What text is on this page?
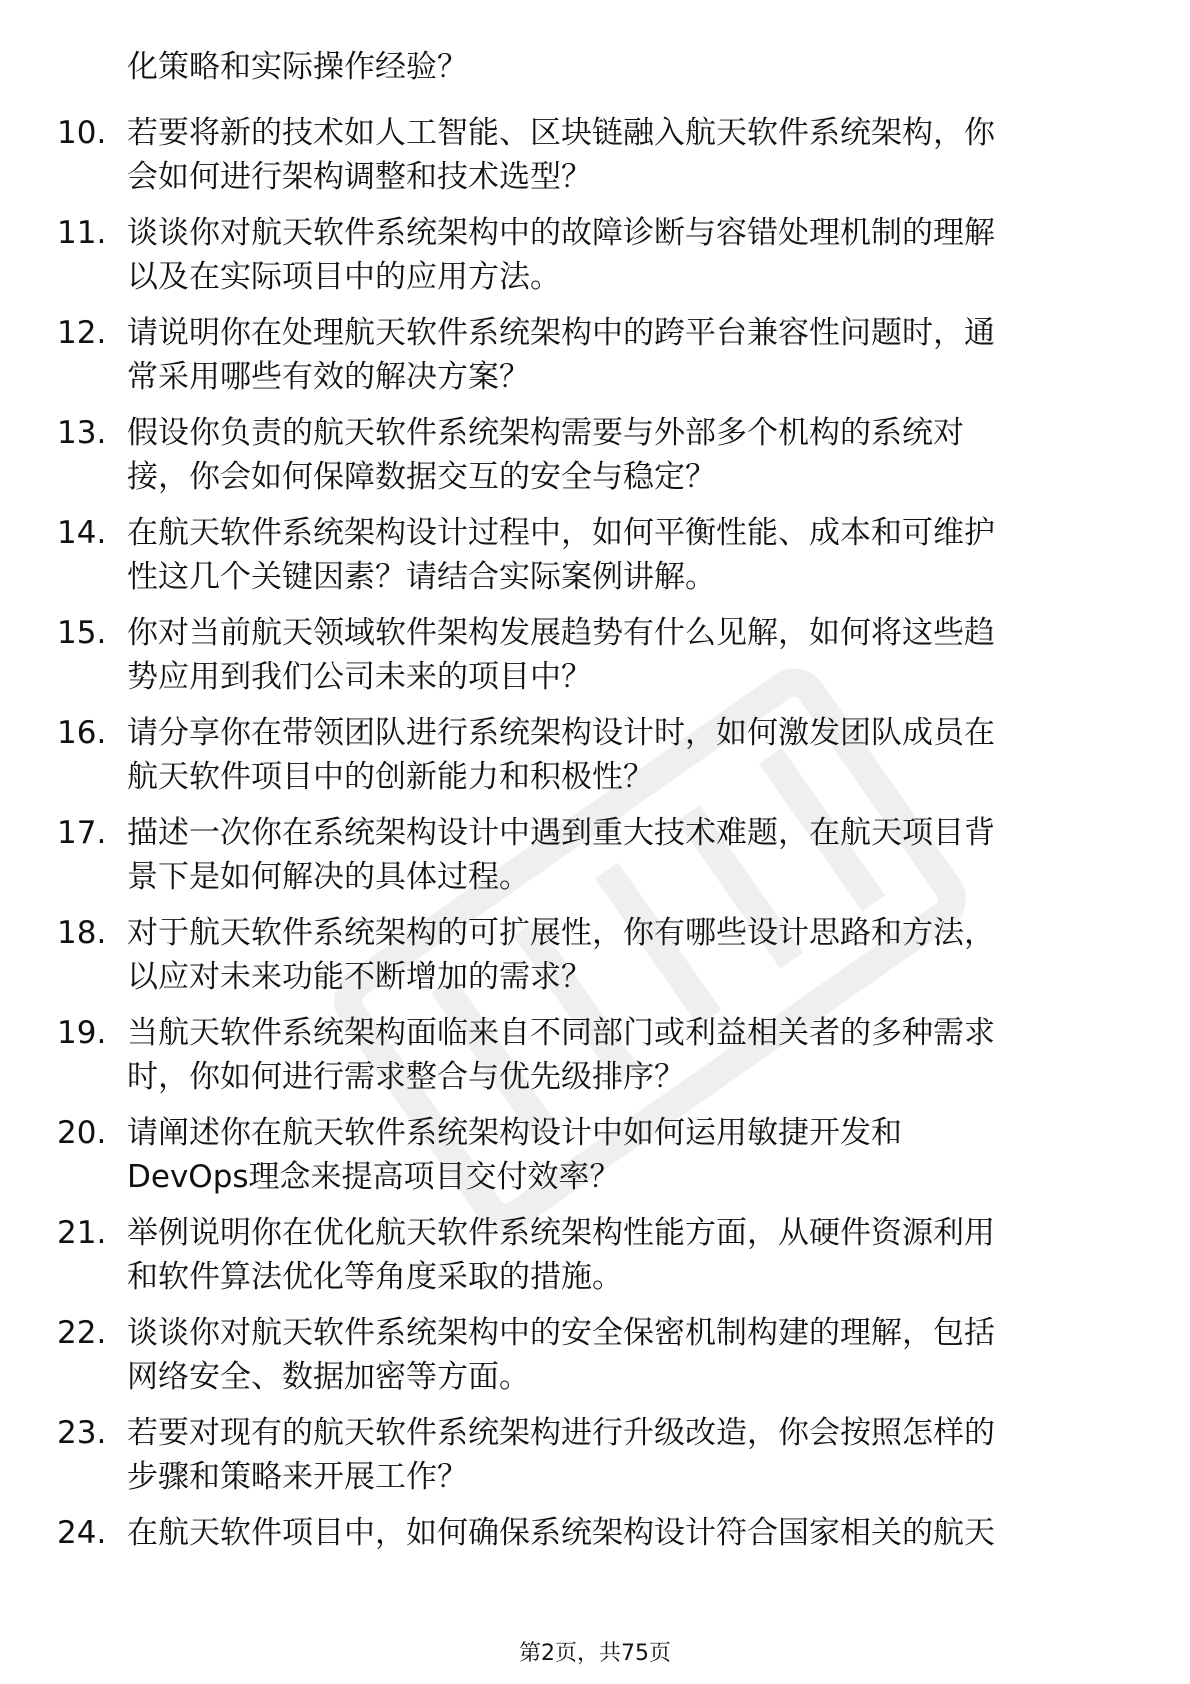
化策略和实际操作经验？
10. 若要将新的技术如人工智能、区块链融入航天软件系统架构，你
会如何进行架构调整和技术选型？
11. 谈谈你对航天软件系统架构中的故障诊断与容错处理机制的理解
以及在实际项目中的应用方法。
12. 请说明你在处理航天软件系统架构中的跨平台兼容性问题时，通
常采用哪些有效的解决方案？
13. 假设你负责的航天软件系统架构需要与外部多个机构的系统对
接，你会如何保障数据交互的安全与稳定？
14. 在航天软件系统架构设计过程中，如何平衡性能、成本和可维护
性这几个关键因素？请结合实际案例讲解。
15. 你对当前航天领域软件架构发展趋势有什么见解，如何将这些趋
势应用到我们公司未来的项目中？
16. 请分享你在带领团队进行系统架构设计时，如何激发团队成员在
航天软件项目中的创新能力和积极性？
17. 描述一次你在系统架构设计中遇到重大技术难题，在航天项目背
景下是如何解决的具体过程。
18. 对于航天软件系统架构的可扩展性，你有哪些设计思路和方法，
以应对未来功能不断增加的需求？
19. 当航天软件系统架构面临来自不同部门或利益相关者的多种需求
时，你如何进行需求整合与优先级排序？
20. 请阐述你在航天软件系统架构设计中如何运用敏捷开发和
DevOps理念来提高项目交付效率？
21. 举例说明你在优化航天软件系统架构性能方面，从硬件资源利用
和软件算法优化等角度采取的措施。
22. 谈谈你对航天软件系统架构中的安全保密机制构建的理解，包括
网络安全、数据加密等方面。
23. 若要对现有的航天软件系统架构进行升级改造，你会按照怎样的
步骤和策略来开展工作？
24. 在航天软件项目中，如何确保系统架构设计符合国家相关的航天
第2页，共75页
